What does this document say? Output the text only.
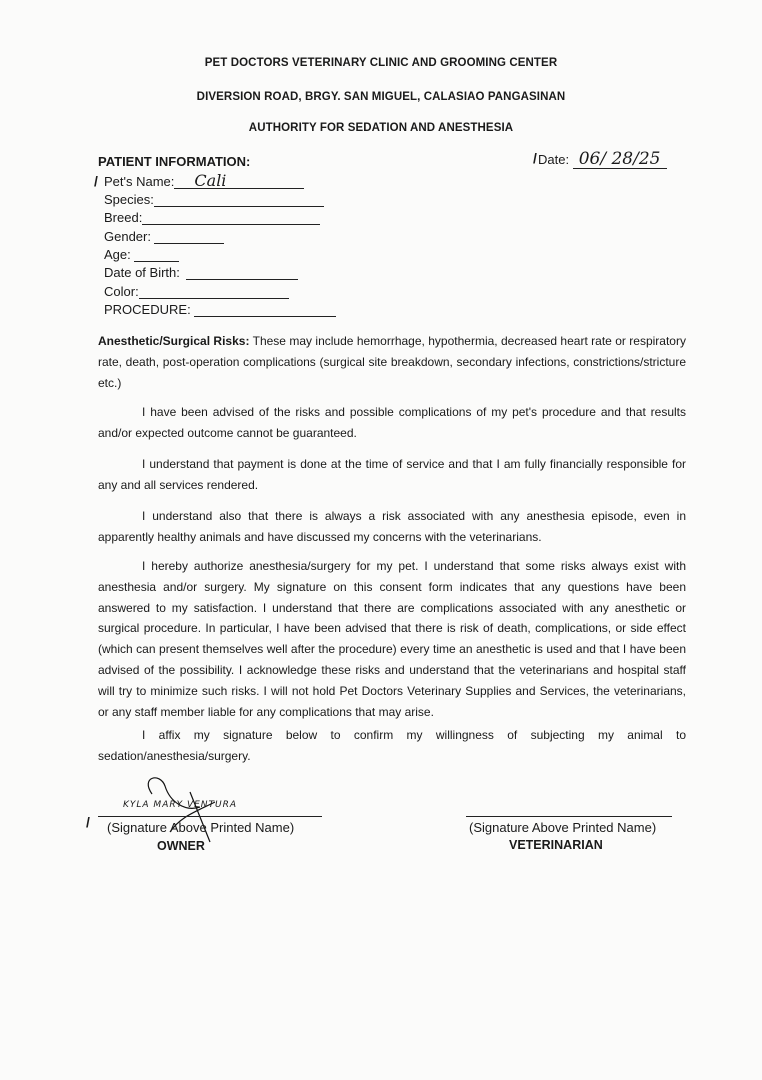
PET DOCTORS VETERINARY CLINIC AND GROOMING CENTER
DIVERSION ROAD, BRGY. SAN MIGUEL, CALASIAO PANGASINAN
AUTHORITY FOR SEDATION AND ANESTHESIA
PATIENT INFORMATION:	Date: 06/ 28/25
/
/ Pet's Name: Cali
Species:
Breed:
Gender:
Age:
Date of Birth:
Color:
PROCEDURE:
Anesthetic/Surgical Risks: These may include hemorrhage, hypothermia, decreased heart rate or respiratory rate, death, post-operation complications (surgical site breakdown, secondary infections, constrictions/stricture etc.)
I have been advised of the risks and possible complications of my pet's procedure and that results and/or expected outcome cannot be guaranteed.
I understand that payment is done at the time of service and that I am fully financially responsible for any and all services rendered.
I understand also that there is always a risk associated with any anesthesia episode, even in apparently healthy animals and have discussed my concerns with the veterinarians.
I hereby authorize anesthesia/surgery for my pet. I understand that some risks always exist with anesthesia and/or surgery. My signature on this consent form indicates that any questions have been answered to my satisfaction. I understand that there are complications associated with any anesthetic or surgical procedure. In particular, I have been advised that there is risk of death, complications, or side effect (which can present themselves well after the procedure) every time an anesthetic is used and that I have been advised of the possibility. I acknowledge these risks and understand that the veterinarians and hospital staff will try to minimize such risks. I will not hold Pet Doctors Veterinary Supplies and Services, the veterinarians, or any staff member liable for any complications that may arise.
I affix my signature below to confirm my willingness of subjecting my animal to sedation/anesthesia/surgery.
KYLA MARY VENTURA
(Signature Above Printed Name)
OWNER
/	(Signature Above Printed Name)
VETERINARIAN
